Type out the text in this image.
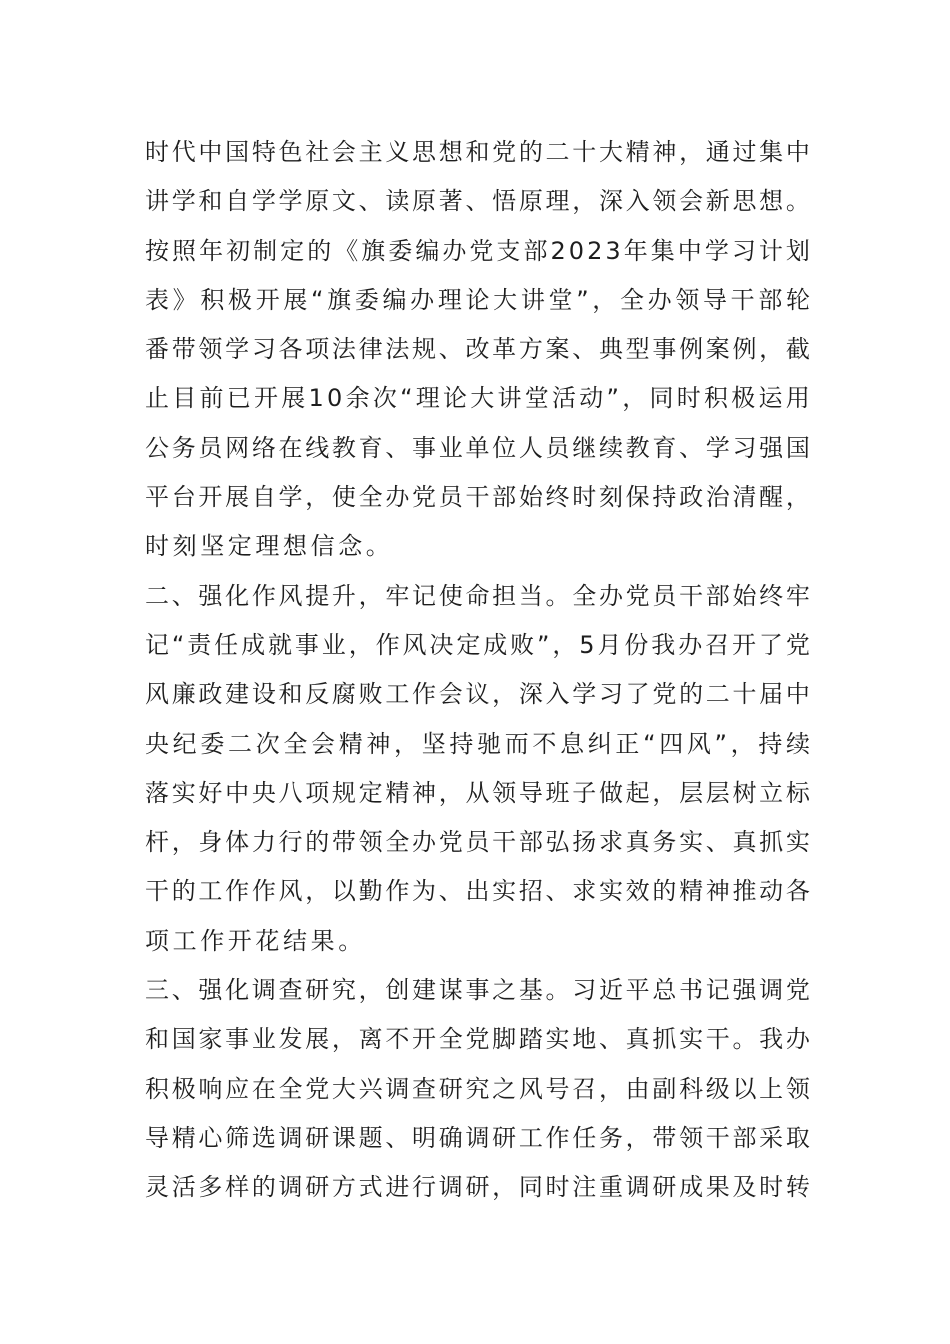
时 代 中 国 特 色 社 会 主 义 思 想 和 党 的 二 十 大 精 神 ， 通 过 集 中
讲 学 和 自 学 学 原 文 、 读 原 著 、 悟 原 理 ， 深 入 领 会 新 思 想 。
按 照 年 初 制 定 的 《 旗 委 编 办 党 支 部 2 0 2 3 年 集 中 学 习 计 划
表 》 积 极 开 展 “ 旗 委 编 办 理 论 大 讲 堂 ” ， 全 办 领 导 干 部 轮
番 带 领 学 习 各 项 法 律 法 规 、 改 革 方 案 、 典 型 事 例 案 例 ， 截
止 目 前 已 开 展 1 0 余 次 “ 理 论 大 讲 堂 活 动 ” ， 同 时 积 极 运 用
公 务 员 网 络 在 线 教 育 、 事 业 单 位 人 员 继 续 教 育 、 学 习 强 国
平 台 开 展 自 学 ， 使 全 办 党 员 干 部 始 终 时 刻 保 持 政 治 清 醒 ，
时刻坚定理想信念。
二 、 强 化 作 风 提 升 ， 牢 记 使 命 担 当 。 全 办 党 员 干 部 始 终 牢
记 “ 责 任 成 就 事 业 ， 作 风 决 定 成 败 ” ， 5 月 份 我 办 召 开 了 党
风 廉 政 建 设 和 反 腐 败 工 作 会 议 ， 深 入 学 习 了 党 的 二 十 届 中
央 纪 委 二 次 全 会 精 神 ， 坚 持 驰 而 不 息 纠 正 “ 四 风 ” ， 持 续
落 实 好 中 央 八 项 规 定 精 神 ， 从 领 导 班 子 做 起 ， 层 层 树 立 标
杆 ， 身 体 力 行 的 带 领 全 办 党 员 干 部 弘 扬 求 真 务 实 、 真 抓 实
干 的 工 作 作 风 ， 以 勤 作 为 、 出 实 招 、 求 实 效 的 精 神 推 动 各
项工作开花结果。
三 、 强 化 调 查 研 究 ， 创 建 谋 事 之 基 。 习 近 平 总 书 记 强 调 党
和 国 家 事 业 发 展 ， 离 不 开 全 党 脚 踏 实 地 、 真 抓 实 干 。 我 办
积 极 响 应 在 全 党 大 兴 调 查 研 究 之 风 号 召 ， 由 副 科 级 以 上 领
导 精 心 筛 选 调 研 课 题 、 明 确 调 研 工 作 任 务 ， 带 领 干 部 采 取
灵 活 多 样 的 调 研 方 式 进 行 调 研 ， 同 时 注 重 调 研 成 果 及 时 转
